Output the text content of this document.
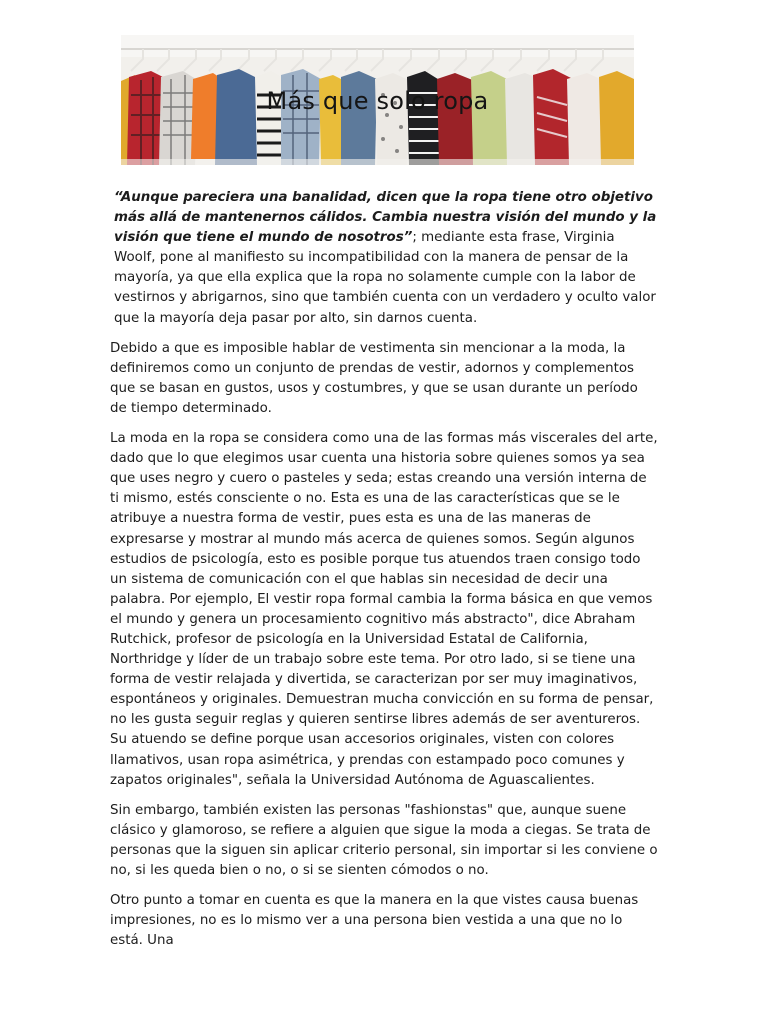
Más que solo ropa

“Aunque pareciera una banalidad, dicen que la ropa tiene otro objetivo más allá de mantenernos cálidos. Cambia nuestra visión del mundo y la visión que tiene el mundo de nosotros”; mediante esta frase, Virginia Woolf, pone al manifiesto su incompatibilidad con la manera de pensar de la mayoría, ya que ella explica que la ropa no solamente cumple con la labor de vestirnos y abrigarnos, sino que también cuenta con un verdadero y oculto valor que la mayoría deja pasar por alto, sin darnos cuenta.

Debido a que es imposible hablar de vestimenta sin mencionar a la moda, la definiremos como un conjunto de prendas de vestir, adornos y complementos que se basan en gustos, usos y costumbres, y que se usan durante un período de tiempo determinado.

La moda en la ropa se considera como una de las formas más viscerales del arte, dado que lo que elegimos usar cuenta una historia sobre quienes somos ya sea que uses negro y cuero o pasteles y seda; estas creando una versión interna de ti mismo, estés consciente o no. Esta es una de las características que se le atribuye a nuestra forma de vestir, pues esta es una de las maneras de expresarse y mostrar al mundo más acerca de quienes somos. Según algunos estudios de psicología, esto es posible porque tus atuendos traen consigo todo un sistema de comunicación con el que hablas sin necesidad de decir una palabra. Por ejemplo, El vestir ropa formal cambia la forma básica en que vemos el mundo y genera un procesamiento cognitivo más abstracto", dice Abraham Rutchick, profesor de psicología en la Universidad Estatal de California, Northridge y líder de un trabajo sobre este tema. Por otro lado, si se tiene una forma de vestir relajada y divertida, se caracterizan por ser muy imaginativos, espontáneos y originales. Demuestran mucha convicción en su forma de pensar, no les gusta seguir reglas y quieren sentirse libres además de ser aventureros. Su atuendo se define porque usan accesorios originales, visten con colores llamativos, usan ropa asimétrica, y prendas con estampado poco comunes y zapatos originales", señala la Universidad Autónoma de Aguascalientes.

Sin embargo, también existen las personas "fashionstas" que, aunque suene clásico y glamoroso, se refiere a alguien que sigue la moda a ciegas. Se trata de personas que la siguen sin aplicar criterio personal, sin importar si les conviene o no, si les queda bien o no, o si se sienten cómodos o no.

Otro punto a tomar en cuenta es que la manera en la que vistes causa buenas impresiones, no es lo mismo ver a una persona bien vestida a una que no lo está. Una
